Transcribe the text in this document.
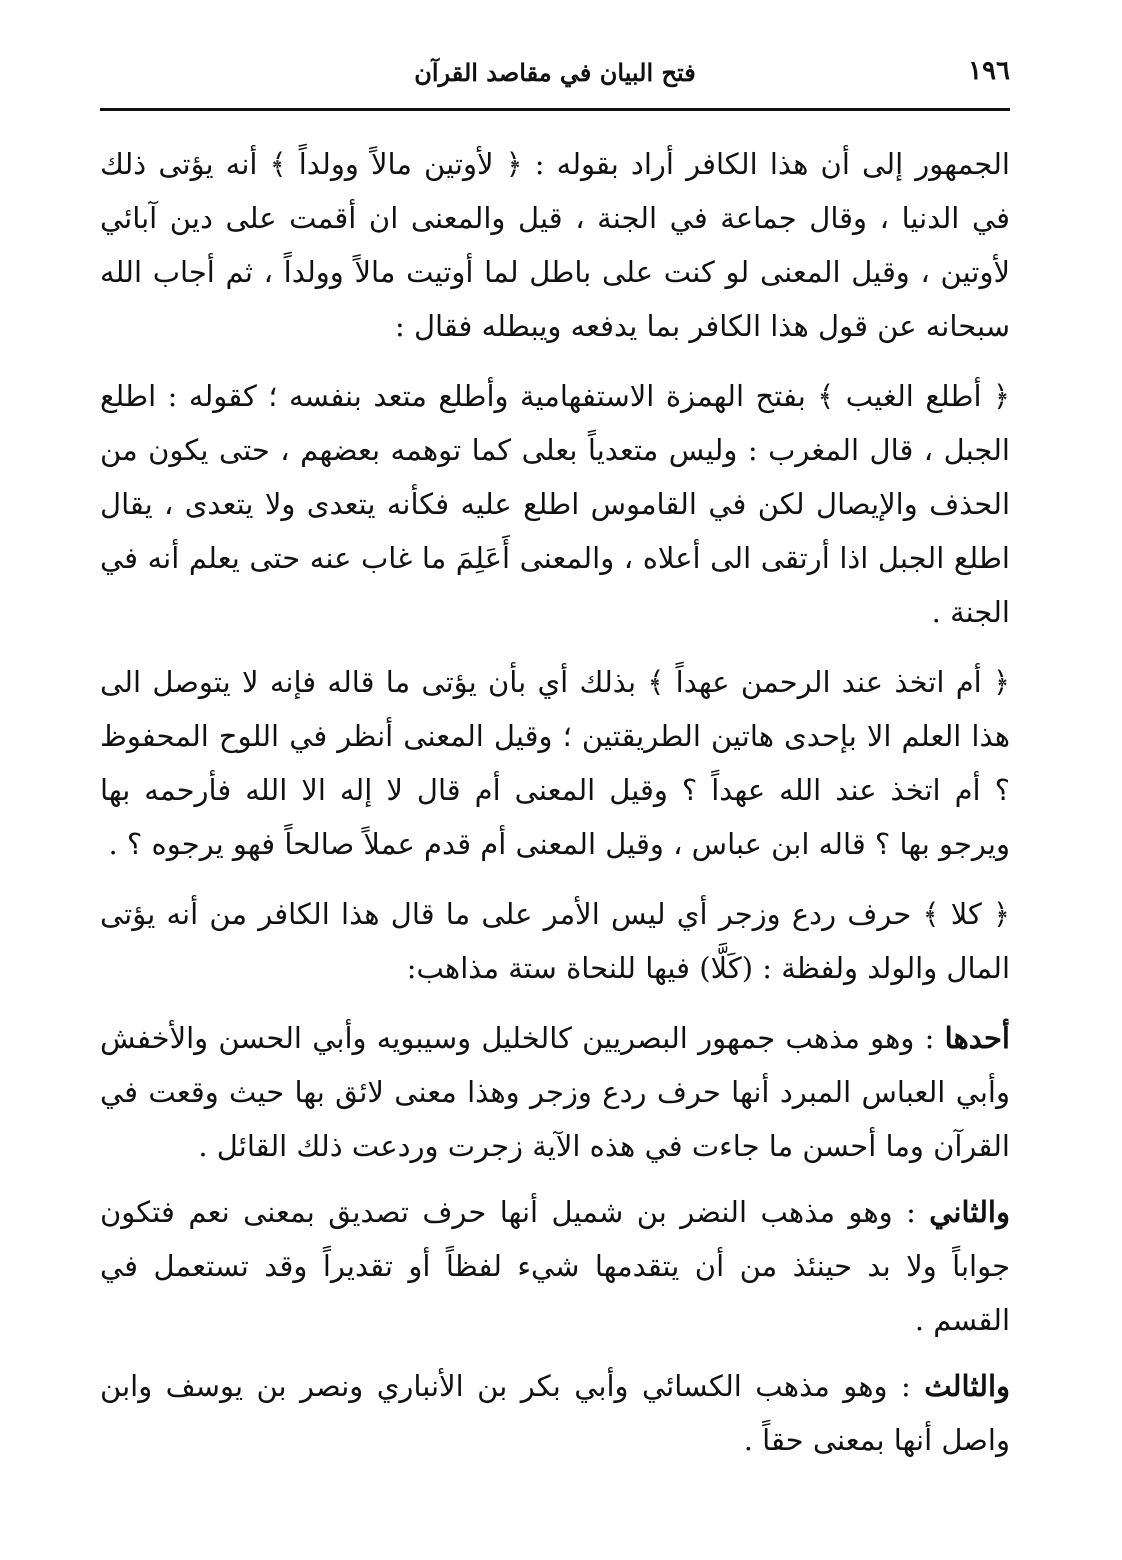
١٩٦
فتح البيان في مقاصد القرآن

الجمهور إلى أن هذا الكافر أراد بقوله : ﴿ لأوتين مالاً وولداً ﴾ أنه يؤتى ذلك في الدنيا ، وقال جماعة في الجنة ، قيل والمعنى ان أقمت على دين آبائي لأوتين ، وقيل المعنى لو كنت على باطل لما أوتيت مالاً وولداً ، ثم أجاب الله سبحانه عن قول هذا الكافر بما يدفعه ويبطله فقال :

﴿ أطلع الغيب ﴾ بفتح الهمزة الاستفهامية وأطلع متعد بنفسه ؛ كقوله : اطلع الجبل ، قال المغرب : وليس متعدياً بعلى كما توهمه بعضهم ، حتى يكون من الحذف والإيصال لكن في القاموس اطلع عليه فكأنه يتعدى ولا يتعدى ، يقال اطلع الجبل اذا أرتقى الى أعلاه ، والمعنى أَعَلِمَ ما غاب عنه حتى يعلم أنه في الجنة .

﴿ أم اتخذ عند الرحمن عهداً ﴾ بذلك أي بأن يؤتى ما قاله فإنه لا يتوصل الى هذا العلم الا بإحدى هاتين الطريقتين ؛ وقيل المعنى أنظر في اللوح المحفوظ ؟ أم اتخذ عند الله عهداً ؟ وقيل المعنى أم قال لا إله الا الله فأرحمه بها ويرجو بها ؟ قاله ابن عباس ، وقيل المعنى أم قدم عملاً صالحاً فهو يرجوه ؟ .

﴿ كلا ﴾ حرف ردع وزجر أي ليس الأمر على ما قال هذا الكافر من أنه يؤتى المال والولد ولفظة : (كَلَّا) فيها للنحاة ستة مذاهب:

أحدها : وهو مذهب جمهور البصريين كالخليل وسيبويه وأبي الحسن والأخفش وأبي العباس المبرد أنها حرف ردع وزجر وهذا معنى لائق بها حيث وقعت في القرآن وما أحسن ما جاءت في هذه الآية زجرت وردعت ذلك القائل .

والثاني : وهو مذهب النضر بن شميل أنها حرف تصديق بمعنى نعم فتكون جواباً ولا بد حينئذ من أن يتقدمها شيء لفظاً أو تقديراً وقد تستعمل في القسم .

والثالث : وهو مذهب الكسائي وأبي بكر بن الأنباري ونصر بن يوسف وابن واصل أنها بمعنى حقاً .
